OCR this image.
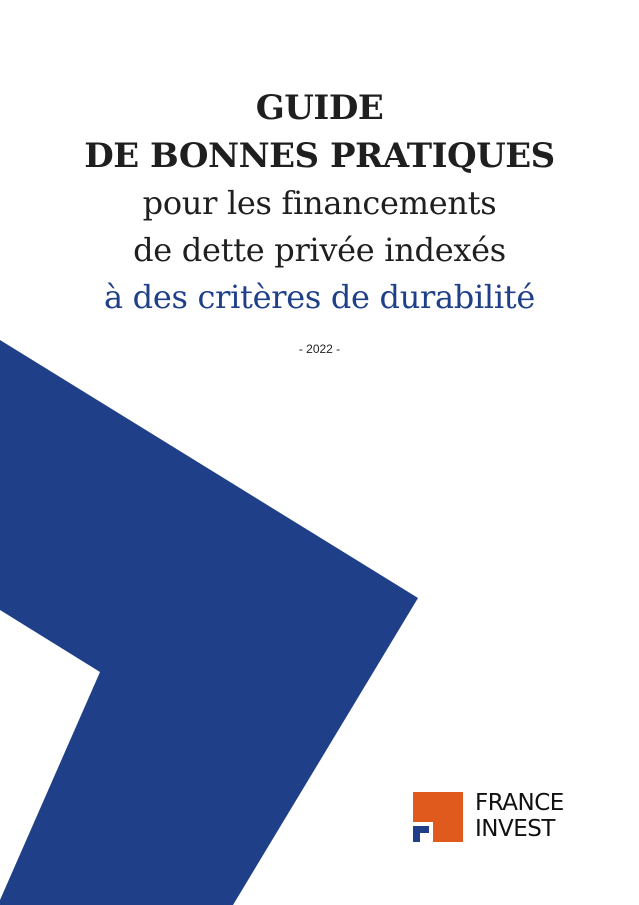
GUIDE
DE BONNES PRATIQUES
pour les financements
de dette privée indexés
à des critères de durabilité
- 2022 -
FRANCE
INVEST
